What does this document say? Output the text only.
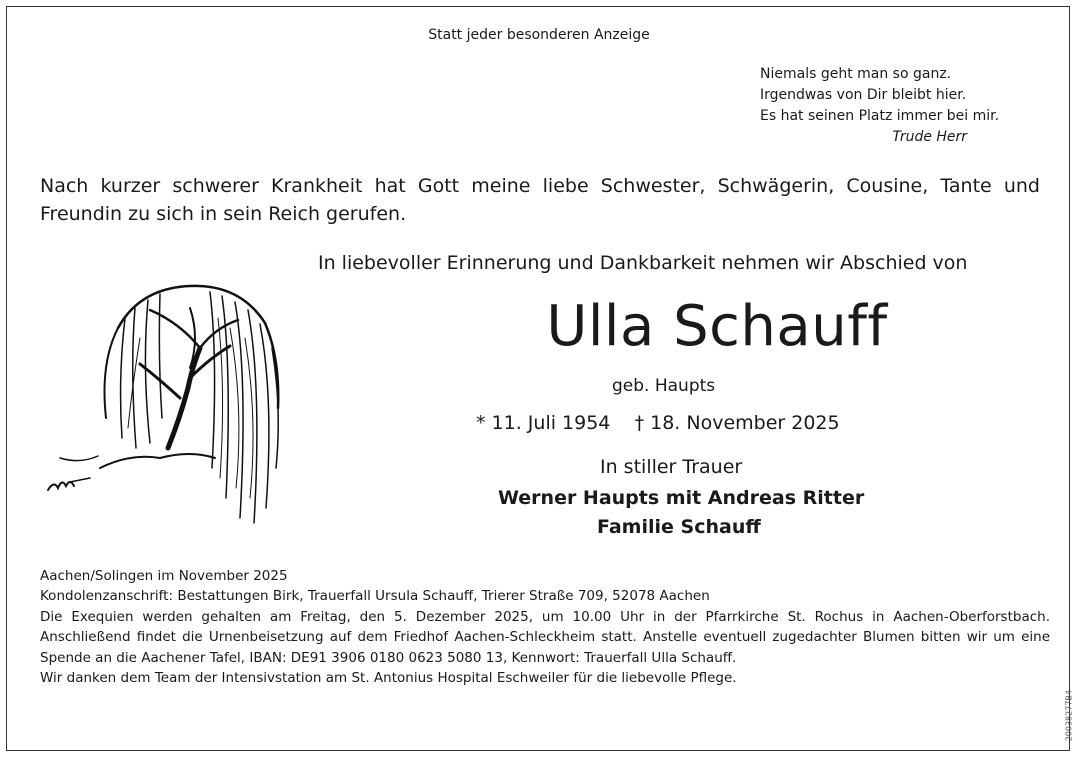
Statt jeder besonderen Anzeige
Niemals geht man so ganz.
Irgendwas von Dir bleibt hier.
Es hat seinen Platz immer bei mir.
Trude Herr
Nach kurzer schwerer Krankheit hat Gott meine liebe Schwester, Schwägerin, Cousine, Tante und Freundin zu sich in sein Reich gerufen.
In liebevoller Erinnerung und Dankbarkeit nehmen wir Abschied von
Ulla Schauff
geb. Haupts
* 11. Juli 1954 † 18. November 2025
In stiller Trauer
Werner Haupts mit Andreas Ritter
Familie Schauff
Aachen/Solingen im November 2025
Kondolenzanschrift: Bestattungen Birk, Trauerfall Ursula Schauff, Trierer Straße 709, 52078 Aachen
Die Exequien werden gehalten am Freitag, den 5. Dezember 2025, um 10.00 Uhr in der Pfarrkirche St. Rochus in Aachen-Oberforstbach. Anschließend findet die Urnenbeisetzung auf dem Friedhof Aachen-Schleckheim statt. Anstelle eventuell zugedachter Blumen bitten wir um eine Spende an die Aachener Tafel, IBAN: DE91 3906 0180 0623 5080 13, Kennwort: Trauerfall Ulla Schauff.
Wir danken dem Team der Intensivstation am St. Antonius Hospital Eschweiler für die liebevolle Pflege.
20038277B4
